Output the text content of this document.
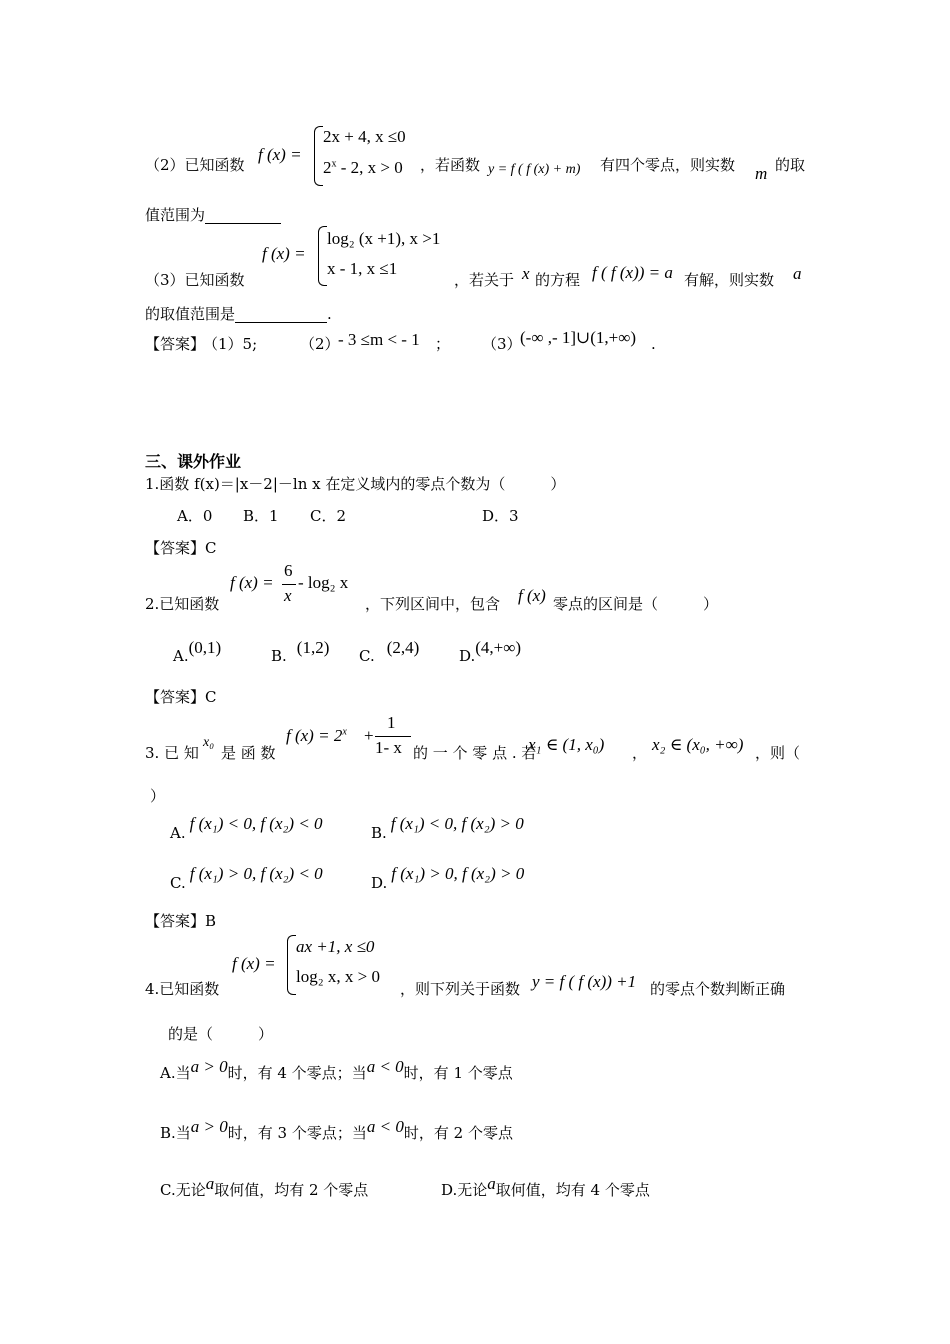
（2）已知函数
f (x) =
2x + 4, x ≤0
2$^x$ - 2, x > 0 ，若函数 y = f ( f (x) + m) 有四个零点，则实数 m 的取
值范围为
（3）已知函数
f (x) =
log₂ (x +1), x >1
x - 1, x ≤1
，若关于 x 的方程 f ( f (x)) = a 有解，则实数 a
的取值范围是	.
【答案】
（1）5;	（2）
- 3 ≤m < - 1 ； （3）
(-∞ ,- 1]∪(1,+∞) .
三、课外作业
1.函数 f(x)＝|x－2|－ln x 在定义域内的零点个数为（　　　）
A．0 B．1 C．2	D．3
【答案】C
2.已知函数
f (x) =
6
x
- log₂ x
，下列区间中，包含 f (x) 零点的区间是（　　　）
A.(0,1)	B. (1,2) C. (2,4)	D.(4,+∞)
【答案】C
3. 已 知
x₀
是 函 数
f $(x) = 2^x$ +
1
1- x 的 一 个 零 点 . 若
x₁ ∈ (1, x₀) ， x₂ ∈ (x₀, +∞) ，则（
）
A. f (x₁) < 0, f (x₂) < 0	B. f (x₁) < 0, f (x₂) > 0
C. f (x₁) > 0, f (x₂) < 0	D. f (x₁) > 0, f (x₂) > 0
【答案】B
4.已知函数
f (x) =
ax +1, x ≤0
log₂ x, x > 0
，则下列关于函数 y = f ( f (x)) +1 的零点个数判断正确
的是（　　　）
A.当a > 0时，有 4 个零点；当a < 0时，有 1 个零点
B.当a > 0时，有 3 个零点；当a < 0时，有 2 个零点
C.无论a取何值，均有 2 个零点	D.无论a取何值，均有 4 个零点
